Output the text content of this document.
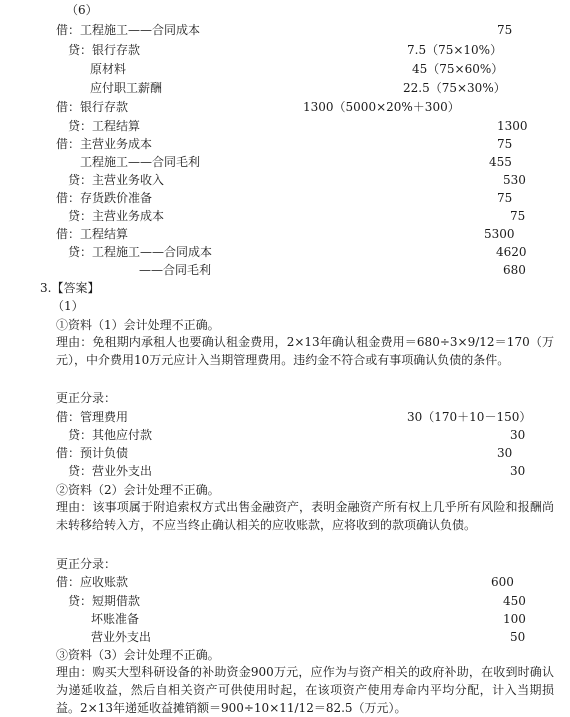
（6）
借：工程施工——合同成本	75
贷：银行存款	7.5（75×10%）
原材料	45（75×60%）
应付职工薪酬	22.5（75×30%）
借：银行存款	1300（5000×20%＋300）
贷：工程结算	1300
借：主营业务成本	75
工程施工——合同毛利	455
贷：主营业务收入	530
借：存货跌价准备	75
贷：主营业务成本	75
借：工程结算	5300
贷：工程施工——合同成本	4620
——合同毛利	680
3.【答案】
（1）
①资料（1）会计处理不正确。
理由：免租期内承租人也要确认租金费用，2×13年确认租金费用＝680÷3×9/12＝170（万元），中介费用10万元应计入当期管理费用。违约金不符合或有事项确认负债的条件。
更正分录：
借：管理费用	30（170＋10－150）
贷：其他应付款	30
借：预计负债	30
贷：营业外支出	30
②资料（2）会计处理不正确。
理由：该事项属于附追索权方式出售金融资产，表明金融资产所有权上几乎所有风险和报酬尚未转移给转入方，不应当终止确认相关的应收账款，应将收到的款项确认负债。
更正分录：
借：应收账款	600
贷：短期借款	450
坏账准备	100
营业外支出	50
③资料（3）会计处理不正确。
理由：购买大型科研设备的补助资金900万元，应作为与资产相关的政府补助，在收到时确认为递延收益，然后自相关资产可供使用时起，在该项资产使用寿命内平均分配，计入当期损益。2×13年递延收益摊销额＝900÷10×11/12＝82.5（万元）。
